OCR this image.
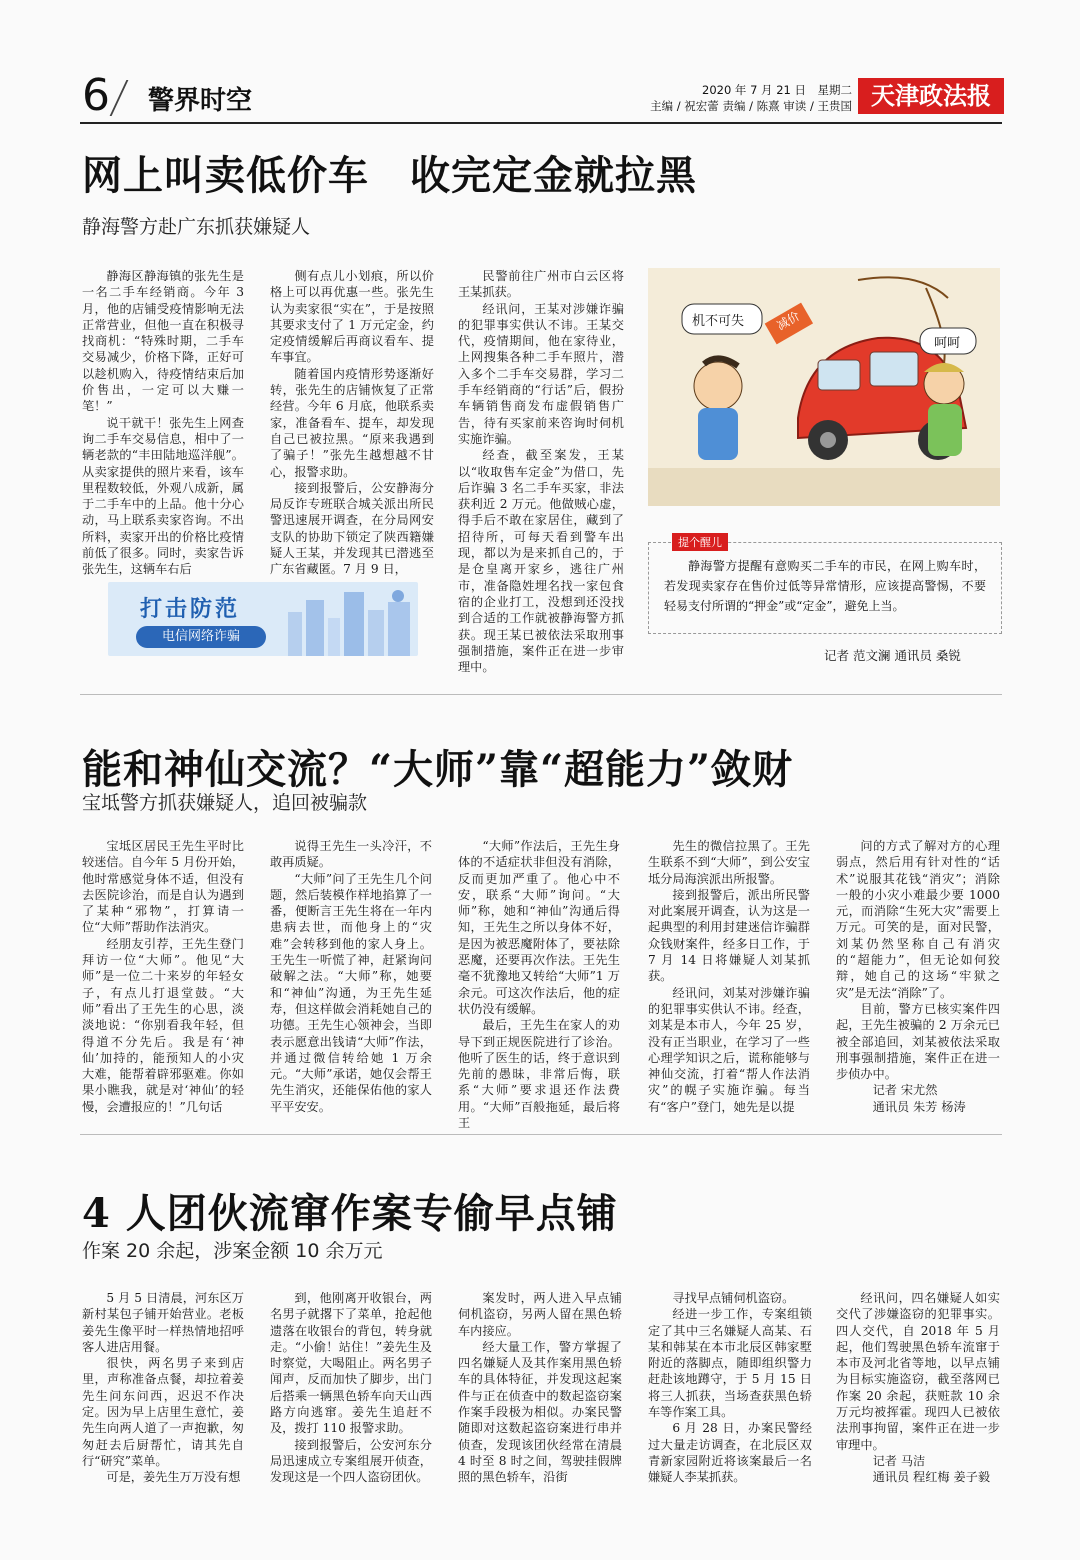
6 警界时空	2020 年 7 月 21 日　星期二
主编 / 祝宏蕾 责编 / 陈熹 审读 / 王贵国 天津政法报
网上叫卖低价车　收完定金就拉黑
静海警方赴广东抓获嫌疑人

静海区静海镇的张先生是一名二手车经销商。今年 3 月，他的店铺受疫情影响无法正常营业，但他一直在积极寻找商机：“特殊时期，二手车交易减少，价格下降，正好可以趁机购入，待疫情结束后加价售出，一定可以大赚一笔！”

说干就干！张先生上网查询二手车交易信息，相中了一辆老款的“丰田陆地巡洋舰”。从卖家提供的照片来看，该车里程数较低，外观八成新，属于二手车中的上品。他十分心动，马上联系卖家咨询。不出所料，卖家开出的价格比疫情前低了很多。同时，卖家告诉张先生，这辆车右后

侧有点儿小划痕，所以价格上可以再优惠一些。张先生认为卖家很“实在”，于是按照其要求支付了 1 万元定金，约定疫情缓解后再商议看车、提车事宜。

随着国内疫情形势逐渐好转，张先生的店铺恢复了正常经营。今年 6 月底，他联系卖家，准备看车、提车，却发现自己已被拉黑。“原来我遇到了骗子！”张先生越想越不甘心，报警求助。

接到报警后，公安静海分局反诈专班联合城关派出所民警迅速展开调查，在分局网安支队的协助下锁定了陕西籍嫌疑人王某，并发现其已潜逃至广东省藏匿。7 月 9 日，

民警前往广州市白云区将王某抓获。

经讯问，王某对涉嫌诈骗的犯罪事实供认不讳。王某交代，疫情期间，他在家待业，上网搜集各种二手车照片，潜入多个二手车交易群，学习二手车经销商的“行话”后，假扮车辆销售商发布虚假销售广告，待有买家前来咨询时伺机实施诈骗。

经查，截至案发，王某以“收取售车定金”为借口，先后诈骗 3 名二手车买家，非法获利近 2 万元。他做贼心虚，得手后不敢在家居住，藏到了招待所，可每天看到警车出现，都以为是来抓自己的，于是仓皇离开家乡，逃往广州市，准备隐姓埋名找一家包食宿的企业打工，没想到还没找到合适的工作就被静海警方抓获。现王某已被依法采取刑事强制措施，案件正在进一步审理中。

打击防范
电信网络诈骗
机不可失	减价
呵呵
提个醒儿

静海警方提醒有意购买二手车的市民，在网上购车时，若发现卖家存在售价过低等异常情形，应该提高警惕，不要轻易支付所谓的“押金”或“定金”，避免上当。

记者 范文澜 通讯员 桑锐
能和神仙交流？“大师”靠“超能力”敛财
宝坻警方抓获嫌疑人，追回被骗款

宝坻区居民王先生平时比较迷信。自今年 5 月份开始，他时常感觉身体不适，但没有去医院诊治，而是自认为遇到了某种“邪物”，打算请一位“大师”帮助作法消灾。

经朋友引荐，王先生登门拜访一位“大师”。他见“大师”是一位二十来岁的年轻女子，有点儿打退堂鼓。“大师”看出了王先生的心思，淡淡地说：“你别看我年轻，但得道不分先后。我是有‘神仙’加持的，能预知人的小灾大难，能帮着辟邪驱难。你如果小瞧我，就是对‘神仙’的轻慢，会遭报应的！”几句话

说得王先生一头冷汗，不敢再质疑。

“大师”问了王先生几个问题，然后装模作样地掐算了一番，便断言王先生将在一年内患病去世，而他身上的“灾难”会转移到他的家人身上。王先生一听慌了神，赶紧询问破解之法。“大师”称，她要和“神仙”沟通，为王先生延寿，但这样做会消耗她自己的功德。王先生心领神会，当即表示愿意出钱请“大师”作法，并通过微信转给她 1 万余元。“大师”承诺，她仅会帮王先生消灾，还能保佑他的家人平平安安。

“大师”作法后，王先生身体的不适症状非但没有消除，反而更加严重了。他心中不安，联系“大师”询问。“大师”称，她和“神仙”沟通后得知，王先生之所以身体不好，是因为被恶魔附体了，要祛除恶魔，还要再次作法。王先生毫不犹豫地又转给“大师”1 万余元。可这次作法后，他的症状仍没有缓解。

最后，王先生在家人的劝导下到正规医院进行了诊治。他听了医生的话，终于意识到先前的愚昧，非常后悔，联系“大师”要求退还作法费用。“大师”百般拖延，最后将王

先生的微信拉黑了。王先生联系不到“大师”，到公安宝坻分局海滨派出所报警。

接到报警后，派出所民警对此案展开调查，认为这是一起典型的利用封建迷信诈骗群众钱财案件，经多日工作，于 7 月 14 日将嫌疑人刘某抓获。

经讯问，刘某对涉嫌诈骗的犯罪事实供认不讳。经查，刘某是本市人，今年 25 岁，没有正当职业，在学习了一些心理学知识之后，谎称能够与神仙交流，打着“帮人作法消灾”的幌子实施诈骗。每当有“客户”登门，她先是以提

问的方式了解对方的心理弱点，然后用有针对性的“话术”说服其花钱“消灾”；消除一般的小灾小难最少要 1000 元，而消除“生死大灾”需要上万元。可笑的是，面对民警，刘某仍然坚称自己有消灾的“超能力”，但无论如何狡辩，她自己的这场“牢狱之灾”是无法“消除”了。

目前，警方已核实案件四起，王先生被骗的 2 万余元已被全部追回，刘某被依法采取刑事强制措施，案件正在进一步侦办中。

记者 宋尤然

通讯员 朱芳 杨涛

4 人团伙流窜作案专偷早点铺
作案 20 余起，涉案金额 10 余万元

5 月 5 日清晨，河东区万新村某包子铺开始营业。老板姜先生像平时一样热情地招呼客人进店用餐。

很快，两名男子来到店里，声称准备点餐，却拉着姜先生问东问西，迟迟不作决定。因为早上店里生意忙，姜先生向两人道了一声抱歉，匆匆赶去后厨帮忙，请其先自行“研究”菜单。

可是，姜先生万万没有想

到，他刚离开收银台，两名男子就撂下了菜单，抢起他遗落在收银台的背包，转身就走。“小偷！站住！”姜先生及时察觉，大喝阻止。两名男子闻声，反而加快了脚步，出门后搭乘一辆黑色轿车向天山西路方向逃窜。姜先生追赶不及，拨打 110 报警求助。

接到报警后，公安河东分局迅速成立专案组展开侦查，发现这是一个四人盗窃团伙。

案发时，两人进入早点铺伺机盗窃，另两人留在黑色轿车内接应。

经大量工作，警方掌握了四名嫌疑人及其作案用黑色轿车的具体特征，并发现这起案件与正在侦查中的数起盗窃案作案手段极为相似。办案民警随即对这数起盗窃案进行串并侦查，发现该团伙经常在清晨 4 时至 8 时之间，驾驶挂假牌照的黑色轿车，沿街

寻找早点铺伺机盗窃。

经进一步工作，专案组锁定了其中三名嫌疑人高某、石某和韩某在本市北辰区韩家墅附近的落脚点，随即组织警力赶赴该地蹲守，于 5 月 15 日将三人抓获，当场查获黑色轿车等作案工具。

6 月 28 日，办案民警经过大量走访调查，在北辰区双青新家园附近将该案最后一名嫌疑人李某抓获。

经讯问，四名嫌疑人如实交代了涉嫌盗窃的犯罪事实。四人交代，自 2018 年 5 月起，他们驾驶黑色轿车流窜于本市及河北省等地，以早点铺为目标实施盗窃，截至落网已作案 20 余起，获赃款 10 余万元均被挥霍。现四人已被依法刑事拘留，案件正在进一步审理中。

记者 马洁

通讯员 程红梅 姜子毅
